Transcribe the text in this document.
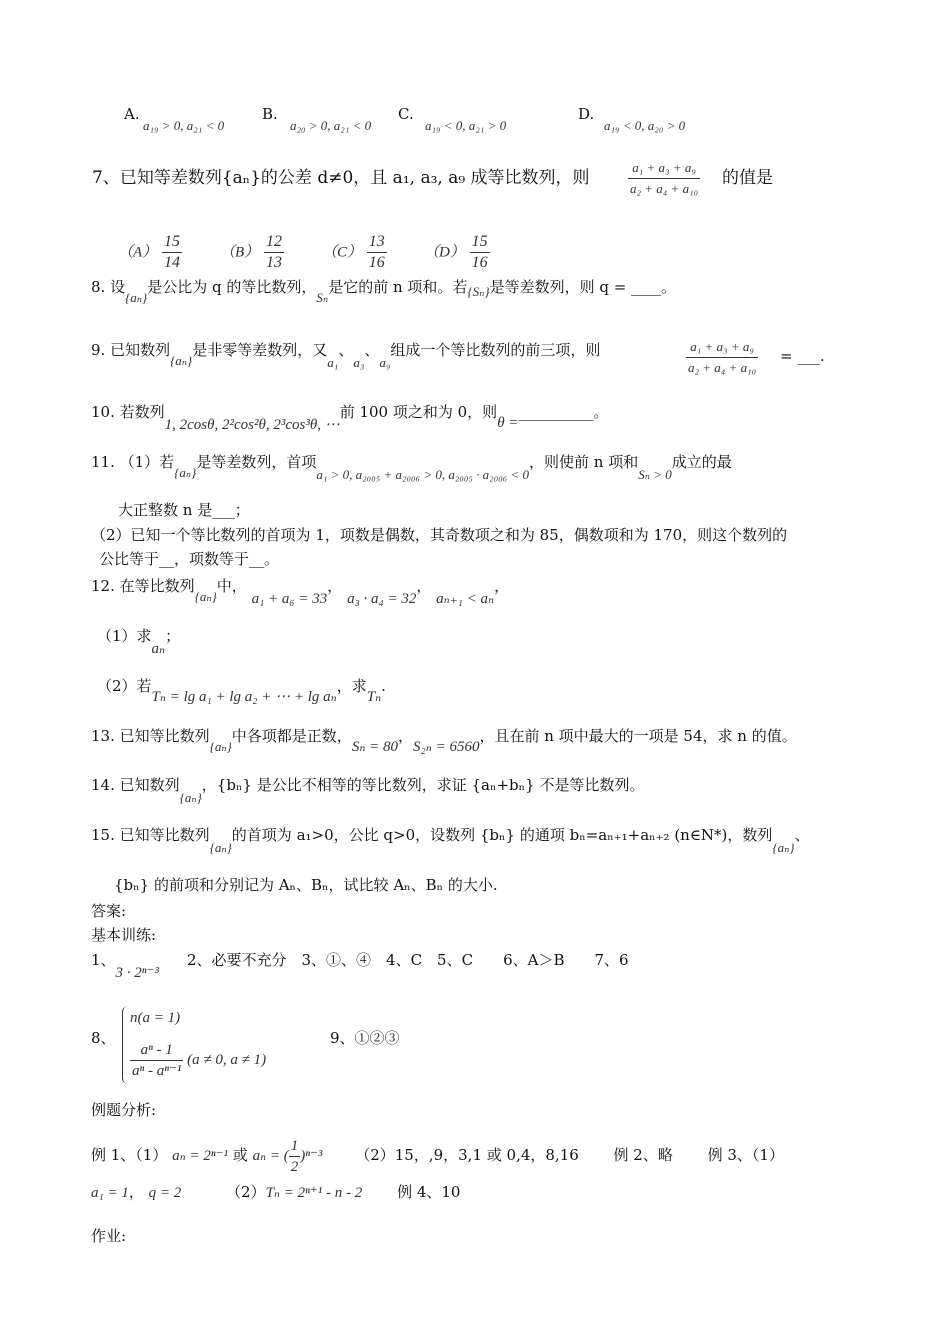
A.
a₁₉ > 0, a₂₁ < 0
B.
a₂₀ > 0, a₂₁ < 0
C.
a₁₉ < 0, a₂₁ > 0
D.
a₁₉ < 0, a₂₀ > 0
7、已知等差数列{aₙ}的公差 d≠0，且 a₁, a₃, a₉ 成等比数列，则	$\frac{\text{a₁ + a₃ + a₉}}{\text{a₂ + a₄ + a₁₀}}$ 的值是
$(A) \frac{15}{14}$	$(B) \frac{12}{13}$	$(C) \frac{13}{16} (D) \frac{15}{16}$
8. 设{aₙ}是公比为 q 的等比数列，Sₙ是它的前 n 项和。若{Sₙ}是等差数列，则 q = ____。
9. 已知数列{aₙ}是非零等差数列，又a₁、a₃、a₉组成一个等比数列的前三项，则	$\frac{\text{a₁ + a₃ + a₉}}{\text{a₂ + a₄ + a₁₀}}$ = ___.
10. 若数列1, 2cosθ, 2²cos²θ, 2³cos³θ, ⋯前 100 项之和为 0，则θ =__________。
11. （1）若{aₙ}是等差数列，首项a₁ > 0, a₂₀₀₅ + a₂₀₀₆ > 0, a₂₀₀₅ · a₂₀₀₆ < 0，则使前 n 项和Sₙ > 0成立的最
大正整数 n 是___；
（2）已知一个等比数列的首项为 1，项数是偶数，其奇数项之和为 85，偶数项和为 170，则这个数列的
公比等于__，项数等于__。
12. 在等比数列{aₙ}中， a₁ + a₆ = 33， a₃ · a₄ = 32， aₙ₊₁ < aₙ，
（1）求aₙ；
（2）若Tₙ = lg a₁ + lg a₂ + ⋯ + lg aₙ，求Tₙ.
13. 已知等比数列{aₙ}中各项都是正数，Sₙ = 80，S₂ₙ = 6560，且在前 n 项中最大的一项是 54，求 n 的值。
14. 已知数列{aₙ}，{bₙ} 是公比不相等的等比数列，求证 {aₙ+bₙ} 不是等比数列。
15. 已知等比数列{aₙ}的首项为 a₁>0，公比 q>0，设数列 {bₙ} 的通项 bₙ=aₙ₊₁+aₙ₊₂ (n∈N*)，数列{aₙ}、
{bₙ} 的前项和分别记为 Aₙ、Bₙ，试比较 Aₙ、Bₙ 的大小.
答案:
基本训练:
1、3 · 2ⁿ⁻³2、必要不充分　3、①、④　4、C　5、C　　6、A＞B　　7、6
8、
n(a = 1)
$\frac{\text{aⁿ - 1}}{\text{aⁿ - aⁿ⁻¹}} (a \ne 0$, a ≠ 1)
9、①②③
例题分析:
例 1、（1） aₙ = 2ⁿ⁻¹ 或 aₙ = ( $\frac{1}{2} )^{n-3}$ （2）15，,9，3,1 或 0,4，8,16　　 例 2、略　　 例 3、（1）
a₁ = 1， q = 2	（2）Tₙ = 2ⁿ⁺¹ - n - 2 例 4、10
作业:
